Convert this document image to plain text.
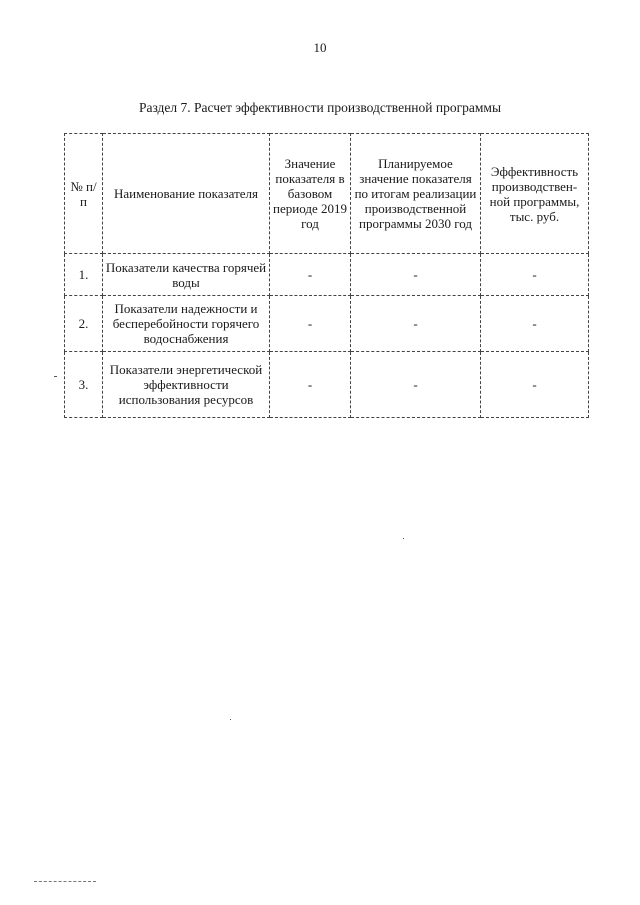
10
Раздел 7. Расчет эффективности производственной программы
№ п/п	Наименование показателя	Значение показателя в базовом периоде 2019 год	Планируемое значение показателя по итогам реализации производственной программы 2030 год	Эффективность производствен-ной программы, тыс. руб.
1.	Показатели качества горячей воды	-	-	-
2.	Показатели надежности и бесперебойности горячего водоснабжения	-	-	-
3.	Показатели энергетической эффективности использования ресурсов	-	-	-
